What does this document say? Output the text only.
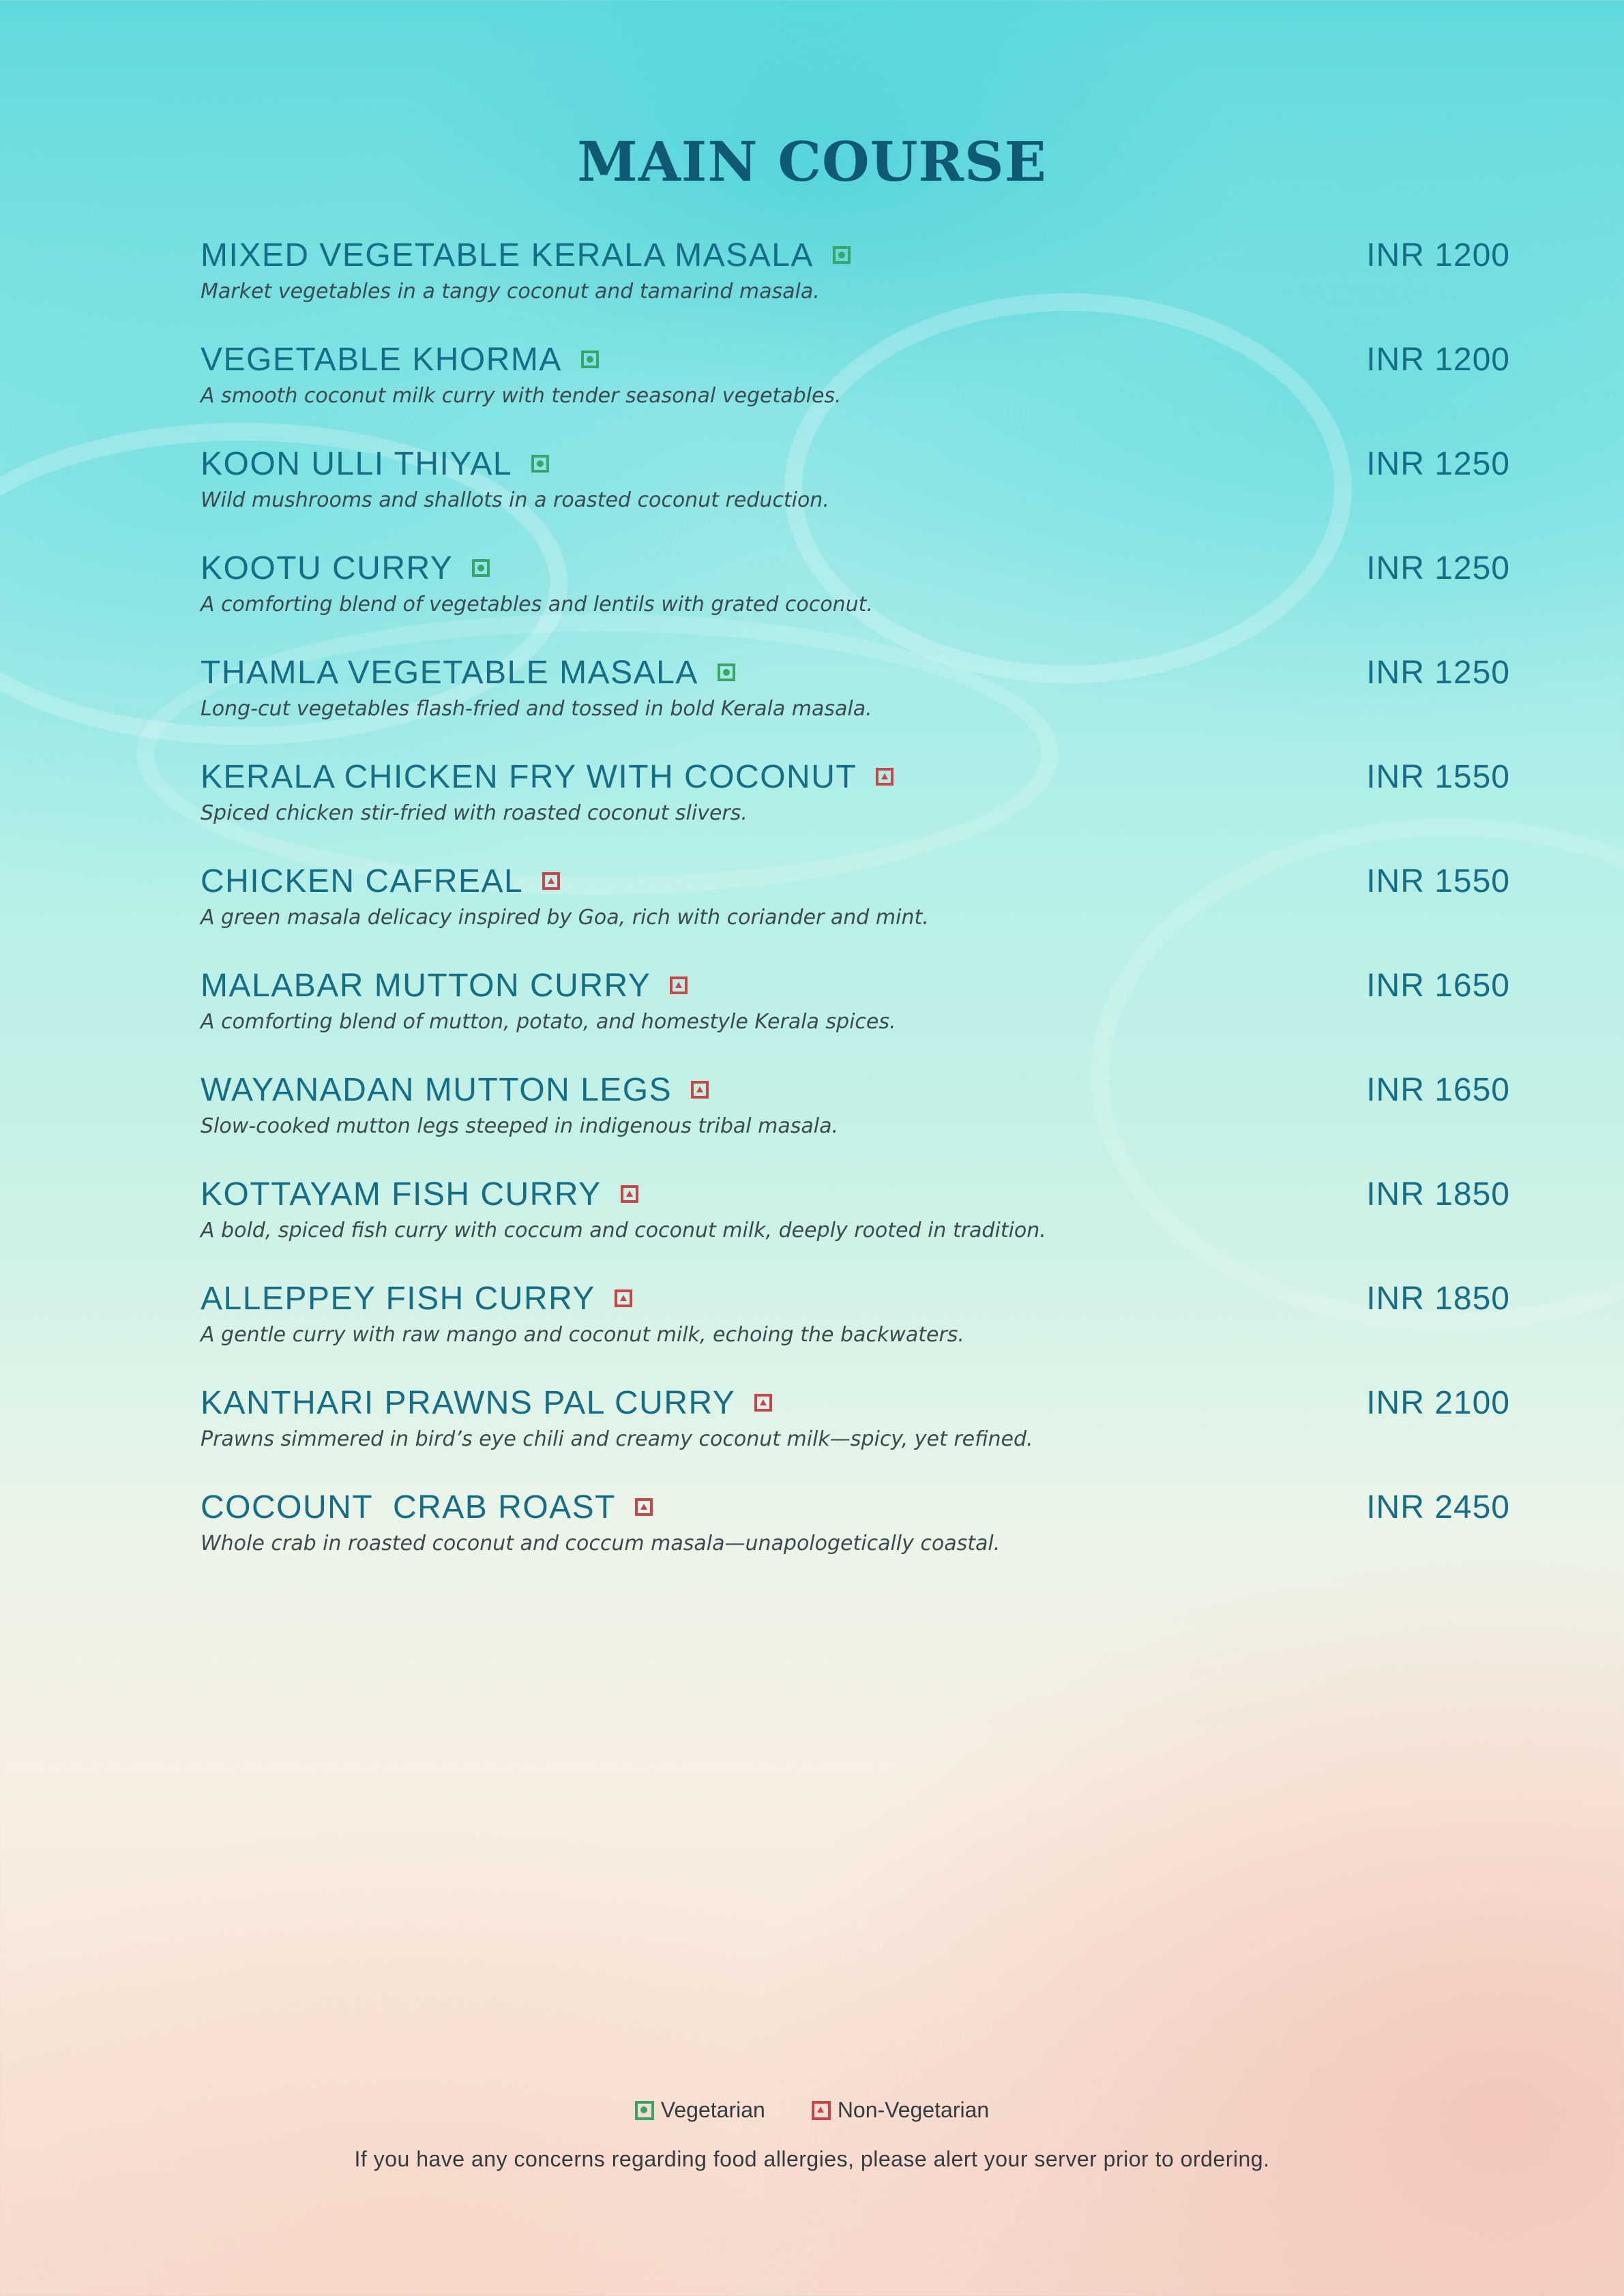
MAIN COURSE
MIXED VEGETABLE KERALA MASALA	INR 1200
Market vegetables in a tangy coconut and tamarind masala.
VEGETABLE KHORMA	INR 1200
A smooth coconut milk curry with tender seasonal vegetables.
KOON ULLI THIYAL	INR 1250
Wild mushrooms and shallots in a roasted coconut reduction.
KOOTU CURRY	INR 1250
A comforting blend of vegetables and lentils with grated coconut.
THAMLA VEGETABLE MASALA	INR 1250
Long-cut vegetables flash-fried and tossed in bold Kerala masala.
KERALA CHICKEN FRY WITH COCONUT	INR 1550
Spiced chicken stir-fried with roasted coconut slivers.
CHICKEN CAFREAL	INR 1550
A green masala delicacy inspired by Goa, rich with coriander and mint.
MALABAR MUTTON CURRY	INR 1650
A comforting blend of mutton, potato, and homestyle Kerala spices.
WAYANADAN MUTTON LEGS	INR 1650
Slow-cooked mutton legs steeped in indigenous tribal masala.
KOTTAYAM FISH CURRY	INR 1850
A bold, spiced fish curry with coccum and coconut milk, deeply rooted in tradition.
ALLEPPEY FISH CURRY	INR 1850
A gentle curry with raw mango and coconut milk, echoing the backwaters.
KANTHARI PRAWNS PAL CURRY	INR 2100
Prawns simmered in bird’s eye chili and creamy coconut milk—spicy, yet refined.
COCOUNT  CRAB ROAST	INR 2450
Whole crab in roasted coconut and coccum masala—unapologetically coastal.
Vegetarian	Non-Vegetarian
If you have any concerns regarding food allergies, please alert your server prior to ordering.
